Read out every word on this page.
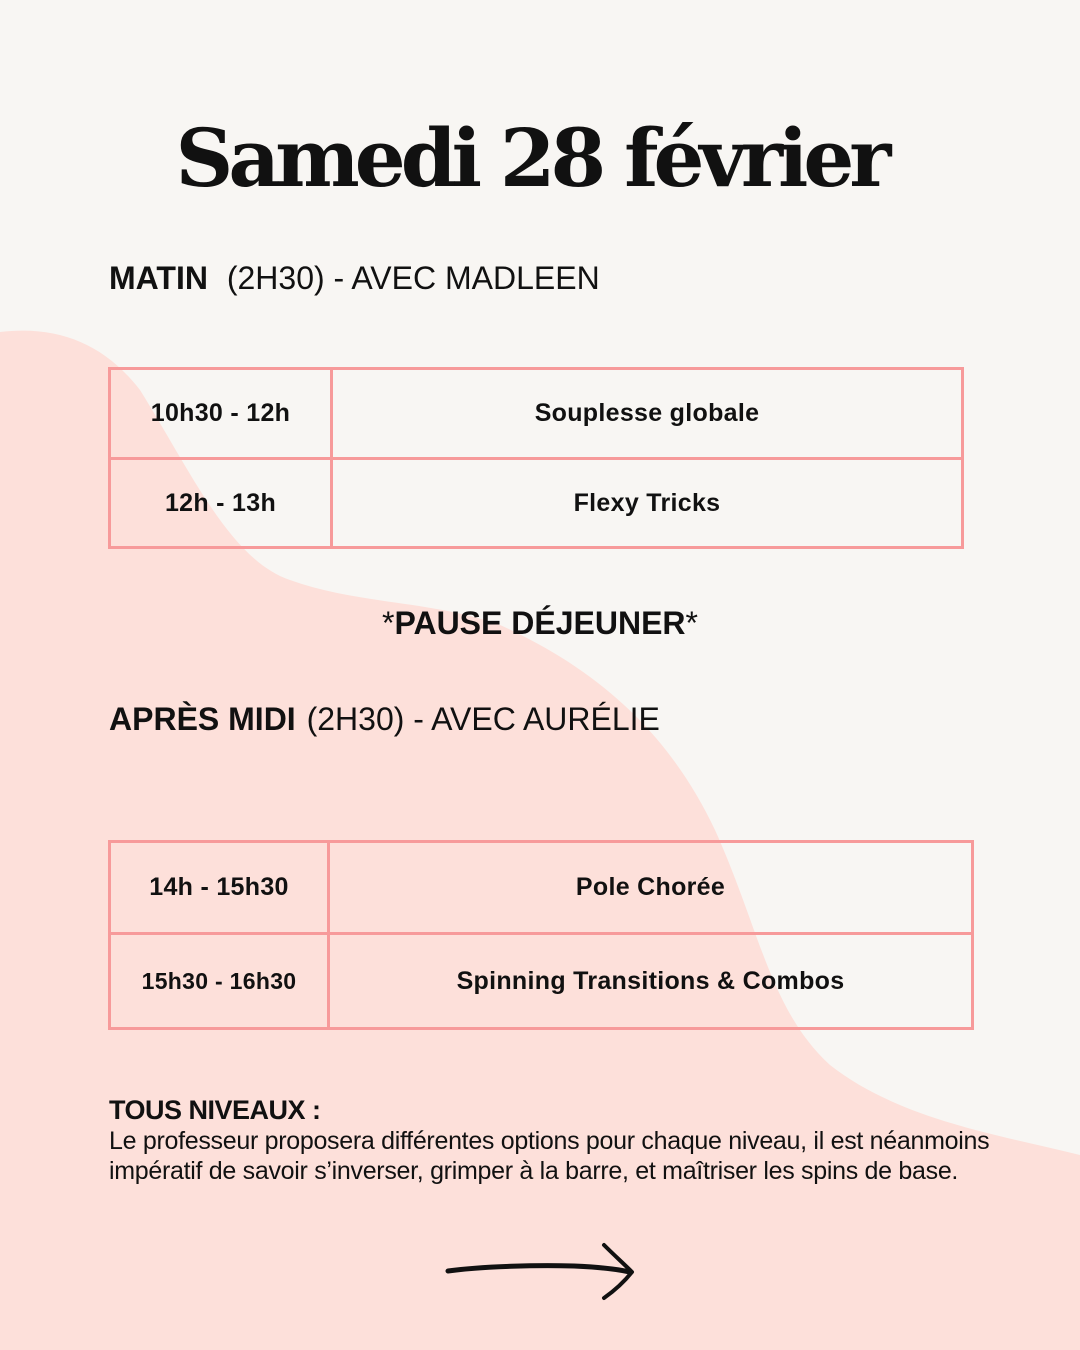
Samedi 28 février
MATIN (2H30) - AVEC MADLEEN
10h30 - 12h	Souplesse globale
12h - 13h	Flexy Tricks
*PAUSE DÉJEUNER*
APRÈS MIDI (2H30) - AVEC AURÉLIE
14h - 15h30	Pole Chorée
15h30 - 16h30	Spinning Transitions & Combos
TOUS NIVEAUX :
Le professeur proposera différentes options pour chaque niveau, il est néanmoins
impératif de savoir s’inverser, grimper à la barre, et maîtriser les spins de base.
